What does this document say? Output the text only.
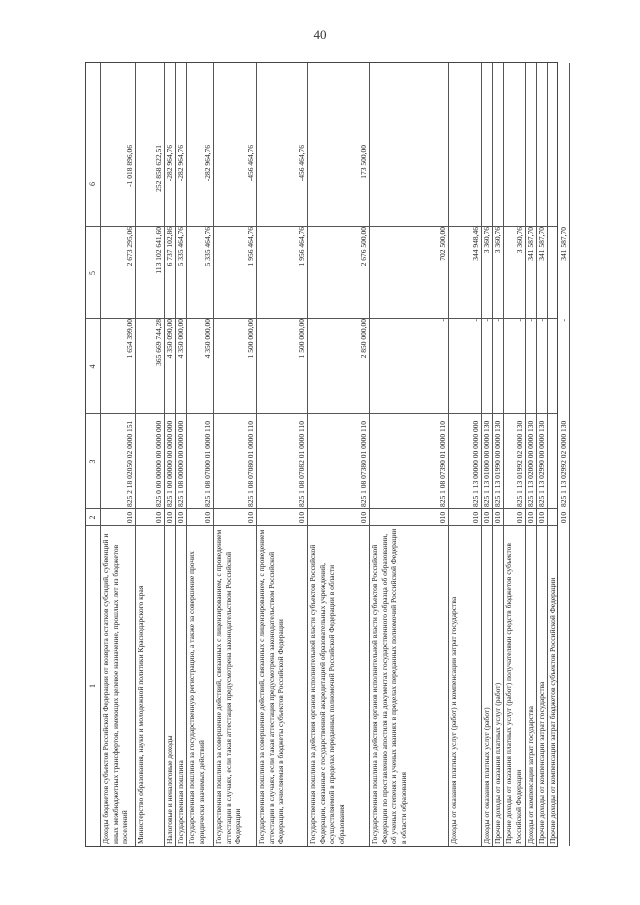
40
1
2
3
4
5
6
Доходы бюджетов субъектов Российской Федерации от возврата остатков субсидий, субвенций и иных межбюджетных трансфертов, имеющих целевое назначение, прошлых лет из бюджетов поселений
010
825 2 18 02050 02 0000 151
1 654 399,00
2 673 295,06
-1 018 896,06
Министерство образования, науки и молодежной политики Краснодарского края
010
825 0 00 00000 00 0000 000
365 669 744,28
113 102 641,60
252 858 622,51
Налоговые и неналоговые доходы
010
825 1 00 00000 00 0000 000
4 350 090,00
6 737 102,86
-282 964,76
Государственная пошлина
010
825 1 08 00000 00 0000 000
4 350 000,00
5 335 464,76
-282 964,76
Государственная пошлина за государственную регистрацию, а также за совершение прочих юридически значимых действий
010
825 1 08 07000 01 0000 110
4 350 000,00
5 335 464,76
-282 964,76
Государственная пошлина за совершение действий, связанных с лицензированием, с проведением аттестации в случаях, если такая аттестация предусмотрена законодательством Российской Федерации
010
825 1 08 07080 01 0000 110
1 500 000,00
1 956 464,76
-456 464,76
Государственная пошлина за совершение действий, связанных с лицензированием, с проведением аттестации в случаях, если такая аттестация предусмотрена законодательством Российской Федерации, зачисляемая в бюджеты субъектов Российской Федерации
010
825 1 08 07082 01 0000 110
1 500 000,00
1 956 464,76
-456 464,76
Государственная пошлина за действия органов исполнительной власти субъектов Российской Федерации, связанные с государственной аккредитацией образовательных учреждений, осуществляемой в пределах переданных полномочий Российской Федерации в области образования
010
825 1 08 07380 01 0000 110
2 850 000,00
2 676 500,00
173 500,00
Государственная пошлина за действия органов исполнительной власти субъектов Российской Федерации по проставлению апостиля на документах государственного образца об образовании, об ученых степенях и ученых званиях в пределах переданных полномочий Российской Федерации в области образования
010
825 1 08 07390 01 0000 110
-
702 500,00
Доходы от оказания платных услуг (работ) и компенсации затрат государства
010
825 1 13 00000 00 0000 000
-
344 948,46
Доходы от оказания платных услуг (работ)
010
825 1 13 01000 00 0000 130
-
3 360,76
Прочие доходы от оказания платных услуг (работ)
010
825 1 13 01990 00 0000 130
-
3 360,76
Прочие доходы от оказания платных услуг (работ) получателями средств бюджетов субъектов Российской Федерации
010
825 1 13 01992 02 0000 130
-
3 360,76
Доходы от компенсации затрат государства
010
825 1 13 02000 00 0000 130
-
341 587,70
Прочие доходы от компенсации затрат государства
010
825 1 13 02990 00 0000 130
-
341 587,70
Прочие доходы от компенсации затрат бюджетов субъектов Российской Федерации
010
825 1 13 02992 02 0000 130
-
341 587,70
